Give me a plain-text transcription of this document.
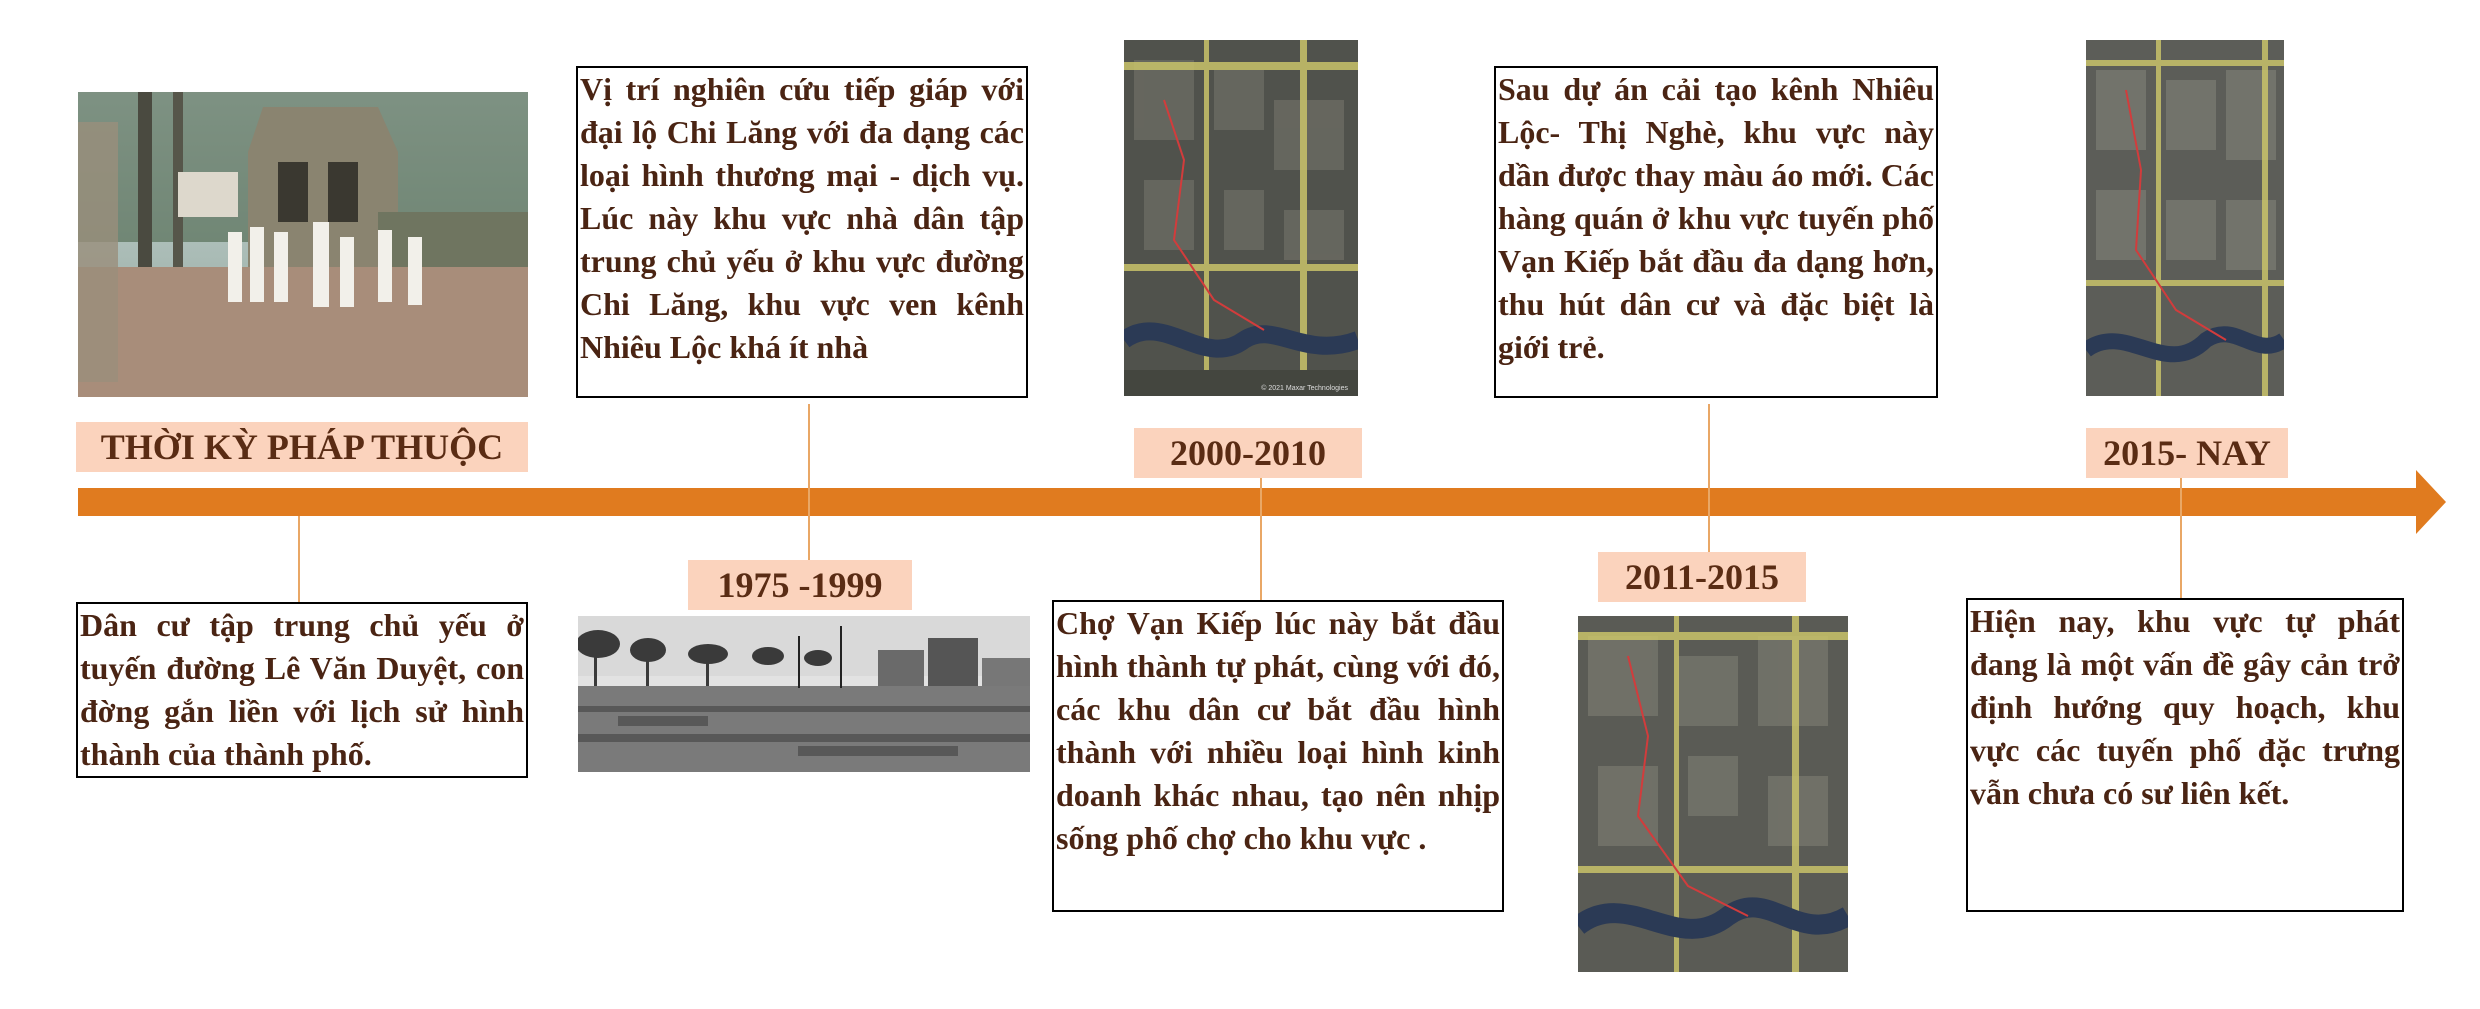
THỜI KỲ PHÁP THUỘC
Dân cư tập trung chủ yếu ở tuyến đường Lê Văn Duyệt, con đờng gắn liền với lịch sử hình thành của thành phố.
Vị trí nghiên cứu tiếp giáp với đại lộ Chi Lăng với đa dạng các loại hình thương mại - dịch vụ. Lúc này khu vực nhà dân tập trung chủ yếu ở khu vực đường Chi Lăng, khu vực ven kênh Nhiêu Lộc khá ít nhà
1975 -1999
© 2021 Maxar Technologies
2000-2010
Chợ Vạn Kiếp lúc này bắt đầu hình thành tự phát, cùng với đó, các khu dân cư bắt đầu hình thành với nhiều loại hình kinh doanh khác nhau, tạo nên nhịp sống phố chợ cho khu vực .
Sau dự án cải tạo kênh Nhiêu Lộc- Thị Nghè, khu vực này dần được thay màu áo mới. Các hàng quán ở khu vực tuyến phố Vạn Kiếp bắt đầu đa dạng hơn, thu hút dân cư và đặc biệt là giới trẻ.
2011-2015
2015- NAY
Hiện nay, khu vực tự phát đang là một vấn đề gây cản trở định hướng quy hoạch, khu vực các tuyến phố đặc trưng vẫn chưa có sư liên kết.
